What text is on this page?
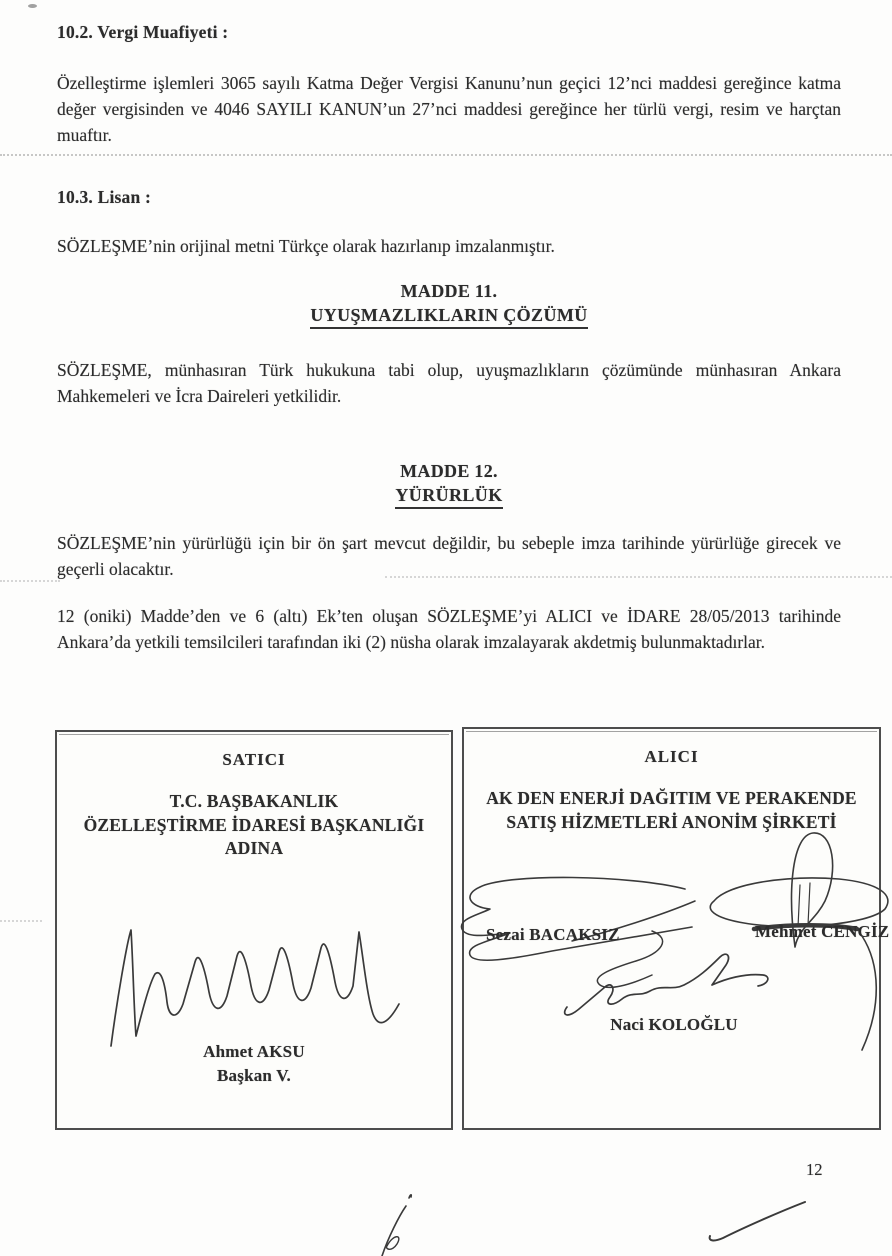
10.2. Vergi Muafiyeti :
Özelleştirme işlemleri 3065 sayılı Katma Değer Vergisi Kanunu’nun geçici 12’nci maddesi gereğince katma değer vergisinden ve 4046 SAYILI KANUN’un 27’nci maddesi gereğince her türlü vergi, resim ve harçtan muaftır.
10.3. Lisan :
SÖZLEŞME’nin orijinal metni Türkçe olarak hazırlanıp imzalanmıştır.
MADDE 11.
UYUŞMAZLIKLARIN ÇÖZÜMÜ
SÖZLEŞME, münhasıran Türk hukukuna tabi olup, uyuşmazlıkların çözümünde münhasıran Ankara Mahkemeleri ve İcra Daireleri yetkilidir.
MADDE 12.
YÜRÜRLÜK
SÖZLEŞME’nin yürürlüğü için bir ön şart mevcut değildir, bu sebeple imza tarihinde yürürlüğe girecek ve geçerli olacaktır.
12 (oniki) Madde’den ve 6 (altı) Ek’ten oluşan SÖZLEŞME’yi ALICI ve İDARE 28/05/2013 tarihinde Ankara’da yetkili temsilcileri tarafından iki (2) nüsha olarak imzalayarak akdetmiş bulunmaktadırlar.
SATICI
T.C. BAŞBAKANLIK
ÖZELLEŞTİRME İDARESİ BAŞKANLIĞI
ADINA
Ahmet AKSU
Başkan V.
ALICI
AK DEN ENERJİ DAĞITIM VE PERAKENDE
SATIŞ HİZMETLERİ ANONİM ŞİRKETİ
Sezai BACAKSIZ	Mehmet CENGİZ
Naci KOLOĞLU
12
